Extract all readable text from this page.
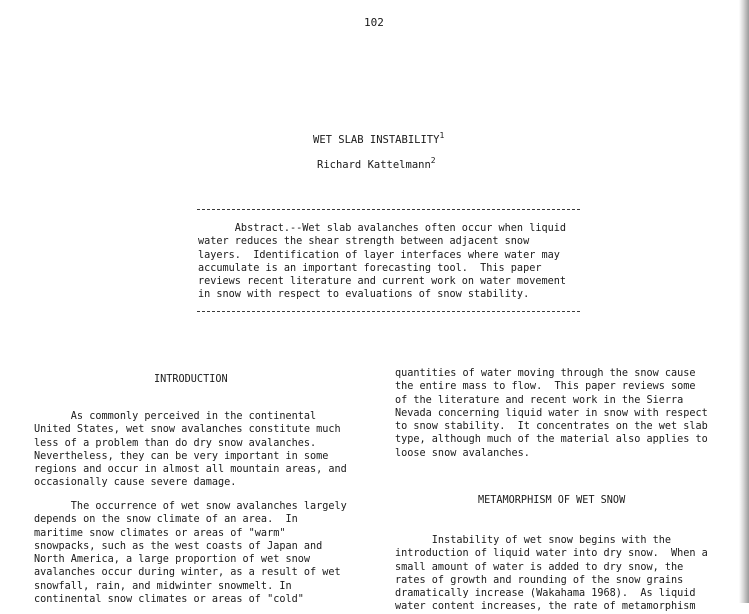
102
WET SLAB INSTABILITY$^1$
Richard Kattelmann$^2$
Abstract.--Wet slab avalanches often occur when liquid
water reduces the shear strength between adjacent snow
layers.  Identification of layer interfaces where water may
accumulate is an important forecasting tool.  This paper
reviews recent literature and current work on water movement
in snow with respect to evaluations of snow stability.
INTRODUCTION
As commonly perceived in the continental
United States, wet snow avalanches constitute much
less of a problem than do dry snow avalanches.
Nevertheless, they can be very important in some
regions and occur in almost all mountain areas, and
occasionally cause severe damage.
The occurrence of wet snow avalanches largely
depends on the snow climate of an area.  In
maritime snow climates or areas of "warm"
snowpacks, such as the west coasts of Japan and
North America, a large proportion of wet snow
avalanches occur during winter, as a result of wet
snowfall, rain, and midwinter snowmelt. In
continental snow climates or areas of "cold"
quantities of water moving through the snow cause
the entire mass to flow.  This paper reviews some
of the literature and recent work in the Sierra
Nevada concerning liquid water in snow with respect
to snow stability.  It concentrates on the wet slab
type, although much of the material also applies to
loose snow avalanches.
METAMORPHISM OF WET SNOW
Instability of wet snow begins with the
introduction of liquid water into dry snow.  When a
small amount of water is added to dry snow, the
rates of growth and rounding of the snow grains
dramatically increase (Wakahama 1968).  As liquid
water content increases, the rate of metamorphism
